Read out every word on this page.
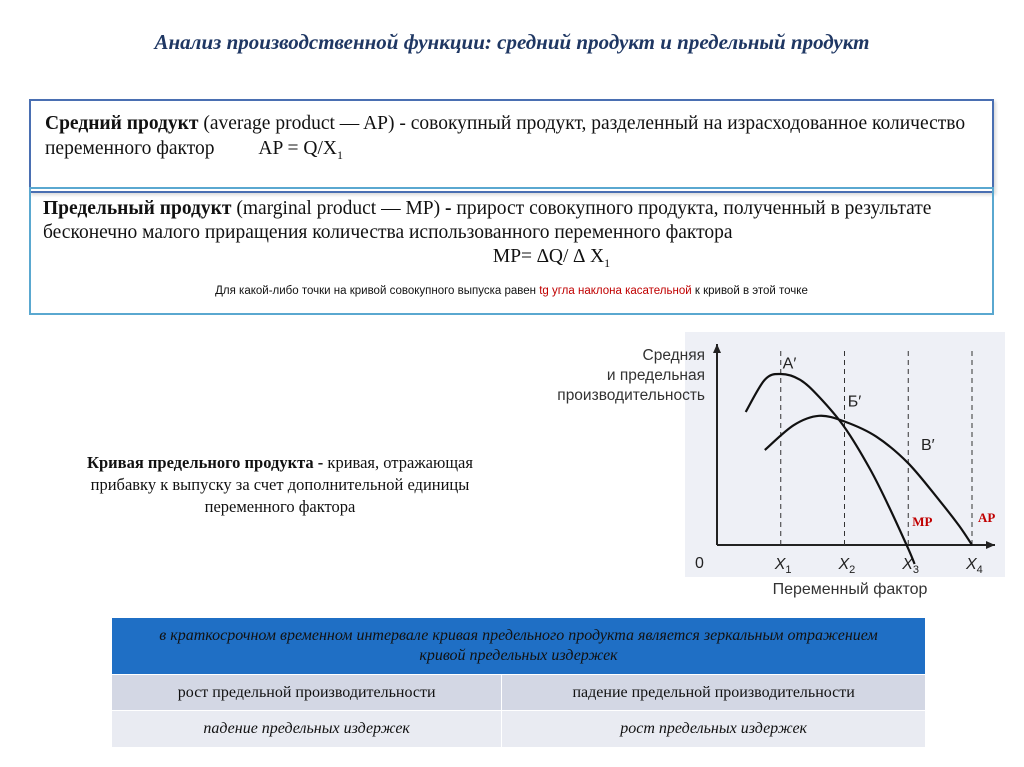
Анализ производственной функции: средний продукт и предельный продукт
Средний продукт (average product — AP) - совокупный продукт, разделенный на израсходованное количество переменного фактор AP = $Q/X_1$
Предельный продукт (marginal product — MP) - прирост совокупного продукта, полученный в результате бесконечно малого приращения количества использованного переменного фактора
MP= ∆Q/ ∆ $X_1$
Для какой-либо точки на кривой совокупного выпуска равен tg угла наклона касательной к кривой в этой точке
Кривая предельного продукта - кривая, отражающая прибавку к выпуску за счет дополнительной единицы переменного фактора
$X_1$	$X_2$	$X_3$	$X_4$
0
Средняя
и предельная
производительность
Переменный фактор
MP	AP
А′
Б′
В′
в краткосрочном временном интервале кривая предельного продукта является зеркальным отражением кривой предельных издержек	
рост предельной производительности	падение предельной производительности
падение предельных издержек	рост предельных издержек
